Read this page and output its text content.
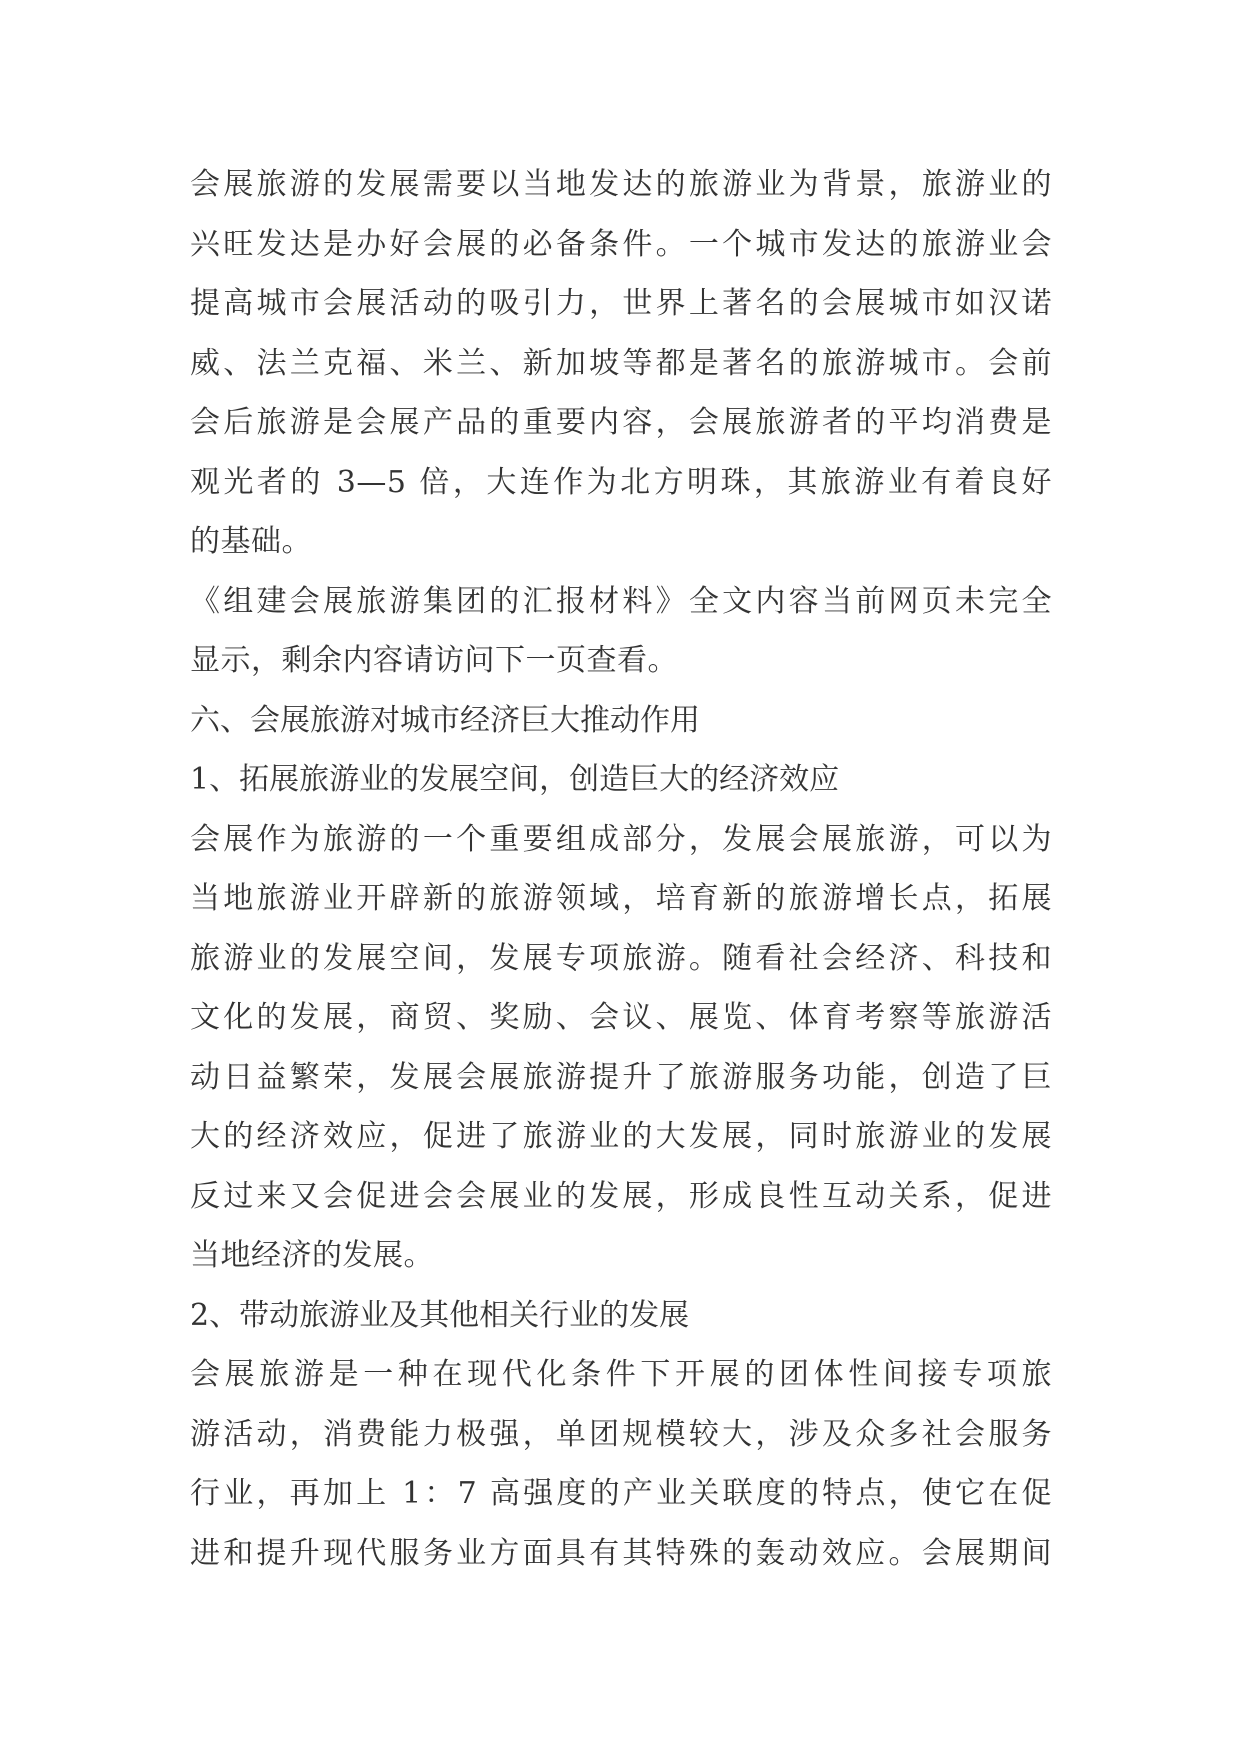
会展旅游的发展需要以当地发达的旅游业为背景，旅游业的
兴旺发达是办好会展的必备条件。一个城市发达的旅游业会
提高城市会展活动的吸引力，世界上著名的会展城市如汉诺
威、法兰克福、米兰、新加坡等都是著名的旅游城市。会前
会后旅游是会展产品的重要内容，会展旅游者的平均消费是
观光者的 3—5 倍，大连作为北方明珠，其旅游业有着良好
的基础。

《组建会展旅游集团的汇报材料》全文内容当前网页未完全
显示，剩余内容请访问下一页查看。

六、会展旅游对城市经济巨大推动作用

1、拓展旅游业的发展空间，创造巨大的经济效应

会展作为旅游的一个重要组成部分，发展会展旅游，可以为
当地旅游业开辟新的旅游领域，培育新的旅游增长点，拓展
旅游业的发展空间，发展专项旅游。随看社会经济、科技和
文化的发展，商贸、奖励、会议、展览、体育考察等旅游活
动日益繁荣，发展会展旅游提升了旅游服务功能，创造了巨
大的经济效应，促进了旅游业的大发展，同时旅游业的发展
反过来又会促进会会展业的发展，形成良性互动关系，促进
当地经济的发展。

2、带动旅游业及其他相关行业的发展

会展旅游是一种在现代化条件下开展的团体性间接专项旅
游活动，消费能力极强，单团规模较大，涉及众多社会服务
行业，再加上 1：7 高强度的产业关联度的特点，使它在促
进和提升现代服务业方面具有其特殊的轰动效应。会展期间
